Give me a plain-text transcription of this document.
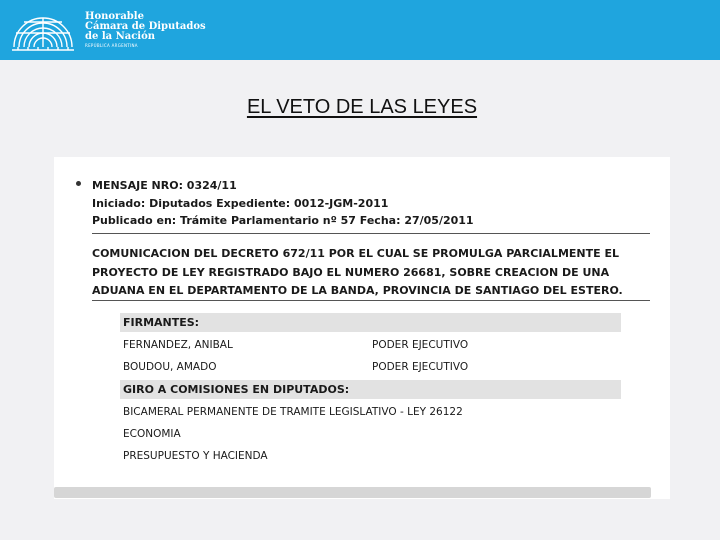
Honorable
Cámara de Diputados
de la Nación
REPÚBLICA ARGENTINA
EL VETO DE LAS LEYES
MENSAJE NRO: 0324/11
Iniciado: Diputados Expediente: 0012-JGM-2011
Publicado en: Trámite Parlamentario nº 57 Fecha: 27/05/2011
COMUNICACION DEL DECRETO 672/11 POR EL CUAL SE PROMULGA PARCIALMENTE EL
PROYECTO DE LEY REGISTRADO BAJO EL NUMERO 26681, SOBRE CREACION DE UNA
ADUANA EN EL DEPARTAMENTO DE LA BANDA, PROVINCIA DE SANTIAGO DEL ESTERO.
FIRMANTES:
FERNANDEZ, ANIBAL	PODER EJECUTIVO
BOUDOU, AMADO	PODER EJECUTIVO
GIRO A COMISIONES EN DIPUTADOS:
BICAMERAL PERMANENTE DE TRAMITE LEGISLATIVO - LEY 26122
ECONOMIA
PRESUPUESTO Y HACIENDA
